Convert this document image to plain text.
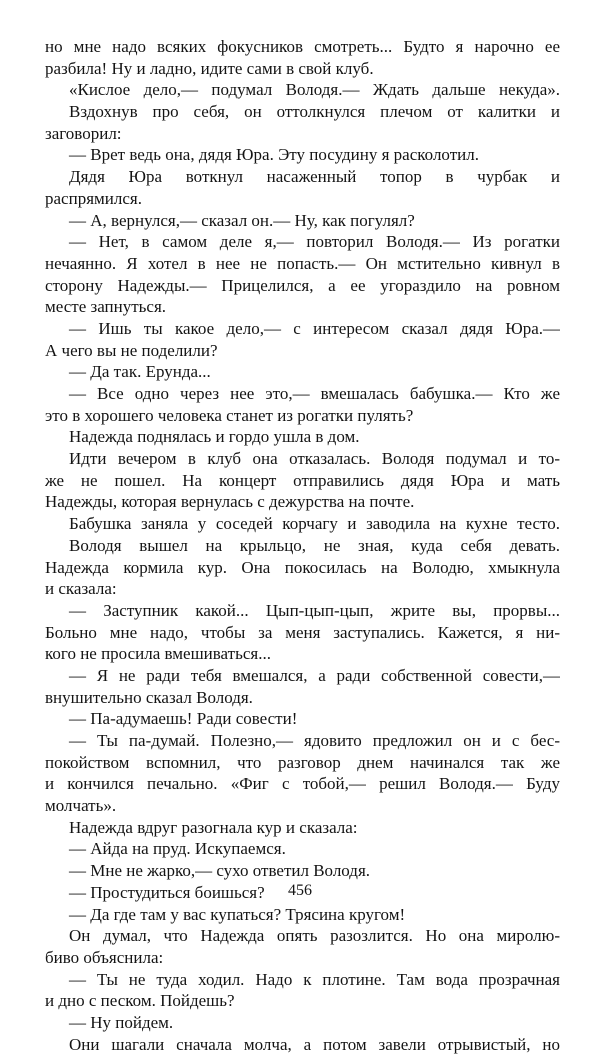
но мне надо всяких фокусников смотреть... Будто я нарочно ее
разбила! Ну и ладно, идите сами в свой клуб.
«Кислое дело,— подумал Володя.— Ждать дальше некуда».
Вздохнув про себя, он оттолкнулся плечом от калитки и
заговорил:
— Врет ведь она, дядя Юра. Эту посудину я расколотил.
Дядя Юра воткнул насаженный топор в чурбак и
распрямился.
— А, вернулся,— сказал он.— Ну, как погулял?
— Нет, в самом деле я,— повторил Володя.— Из рогатки
нечаянно. Я хотел в нее не попасть.— Он мстительно кивнул в
сторону Надежды.— Прицелился, а ее угораздило на ровном
месте запнуться.
— Ишь ты какое дело,— с интересом сказал дядя Юра.—
А чего вы не поделили?
— Да так. Ерунда...
— Все одно через нее это,— вмешалась бабушка.— Кто же
это в хорошего человека станет из рогатки пулять?
Надежда поднялась и гордо ушла в дом.
Идти вечером в клуб она отказалась. Володя подумал и то-
же не пошел. На концерт отправились дядя Юра и мать
Надежды, которая вернулась с дежурства на почте.
Бабушка заняла у соседей корчагу и заводила на кухне тесто.
Володя вышел на крыльцо, не зная, куда себя девать.
Надежда кормила кур. Она покосилась на Володю, хмыкнула
и сказала:
— Заступник какой... Цып-цып-цып, жрите вы, прорвы...
Больно мне надо, чтобы за меня заступались. Кажется, я ни-
кого не просила вмешиваться...
— Я не ради тебя вмешался, а ради собственной совести,—
внушительно сказал Володя.
— Па-адумаешь! Ради совести!
— Ты па-думай. Полезно,— ядовито предложил он и с бес-
покойством вспомнил, что разговор днем начинался так же
и кончился печально. «Фиг с тобой,— решил Володя.— Буду
молчать».
Надежда вдруг разогнала кур и сказала:
— Айда на пруд. Искупаемся.
— Мне не жарко,— сухо ответил Володя.
— Простудиться боишься?
— Да где там у вас купаться? Трясина кругом!
Он думал, что Надежда опять разозлится. Но она миролю-
биво объяснила:
— Ты не туда ходил. Надо к плотине. Там вода прозрачная
и дно с песком. Пойдешь?
— Ну пойдем.
Они шагали сначала молча, а потом завели отрывистый, но
456
